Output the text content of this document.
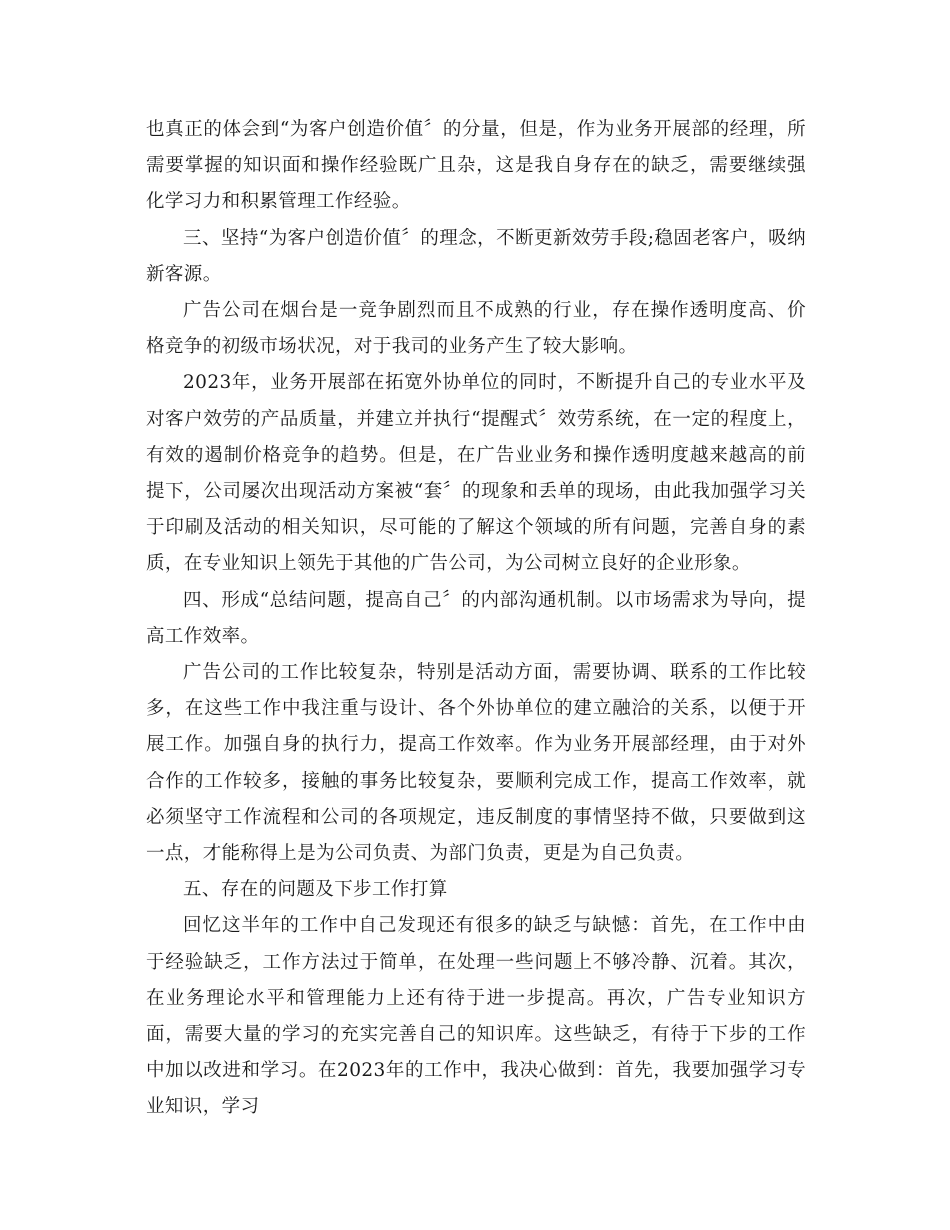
也真正的体会到“为客户创造价值〞的分量，但是，作为业务开展部的经理，所需要掌握的知识面和操作经验既广且杂，这是我自身存在的缺乏，需要继续强化学习力和积累管理工作经验。

三、坚持“为客户创造价值〞的理念，不断更新效劳手段;稳固老客户，吸纳新客源。

广告公司在烟台是一竞争剧烈而且不成熟的行业，存在操作透明度高、价格竞争的初级市场状况，对于我司的业务产生了较大影响。

2023年，业务开展部在拓宽外协单位的同时，不断提升自己的专业水平及对客户效劳的产品质量，并建立并执行“提醒式〞效劳系统，在一定的程度上，有效的遏制价格竞争的趋势。但是，在广告业业务和操作透明度越来越高的前提下，公司屡次出现活动方案被“套〞的现象和丢单的现场，由此我加强学习关于印刷及活动的相关知识，尽可能的了解这个领域的所有问题，完善自身的素质，在专业知识上领先于其他的广告公司，为公司树立良好的企业形象。

四、形成“总结问题，提高自己〞的内部沟通机制。以市场需求为导向，提高工作效率。

广告公司的工作比较复杂，特别是活动方面，需要协调、联系的工作比较多，在这些工作中我注重与设计、各个外协单位的建立融洽的关系，以便于开展工作。加强自身的执行力，提高工作效率。作为业务开展部经理，由于对外合作的工作较多，接触的事务比较复杂，要顺利完成工作，提高工作效率，就必须坚守工作流程和公司的各项规定，违反制度的事情坚持不做，只要做到这一点，才能称得上是为公司负责、为部门负责，更是为自己负责。

五、存在的问题及下步工作打算

回忆这半年的工作中自己发现还有很多的缺乏与缺憾：首先，在工作中由于经验缺乏，工作方法过于简单，在处理一些问题上不够冷静、沉着。其次，在业务理论水平和管理能力上还有待于进一步提高。再次，广告专业知识方面，需要大量的学习的充实完善自己的知识库。这些缺乏，有待于下步的工作中加以改进和学习。在2023年的工作中，我决心做到：首先，我要加强学习专业知识，学习
